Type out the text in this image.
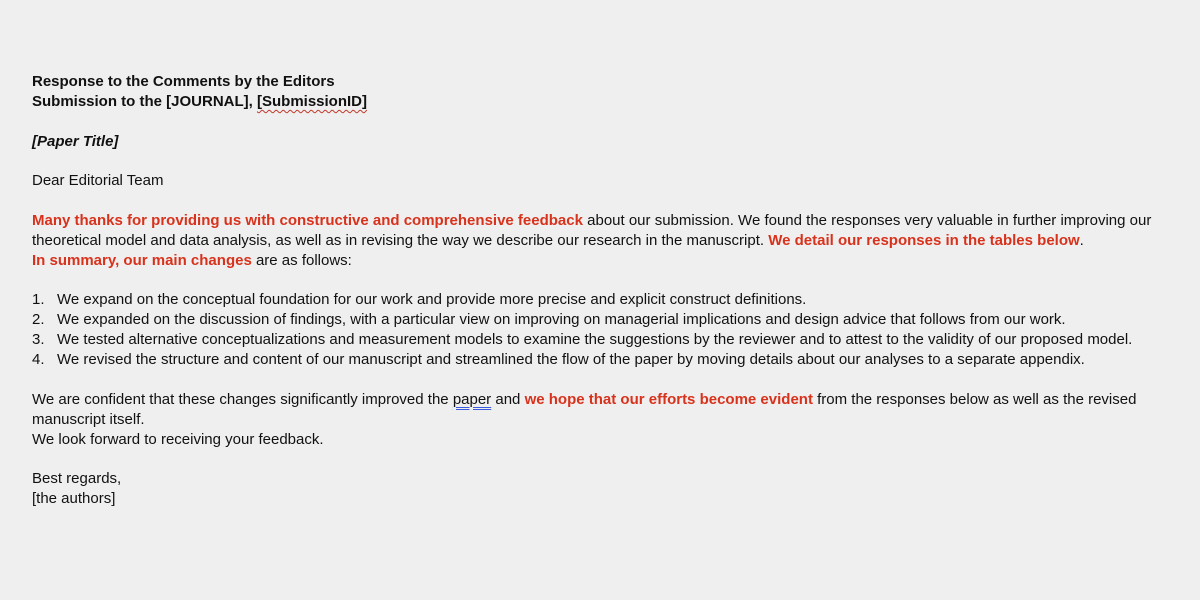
Response to the Comments by the Editors
Submission to the [JOURNAL], [SubmissionID]
[Paper Title]
Dear Editorial Team
Many thanks for providing us with constructive and comprehensive feedback about our submission. We found the responses very valuable in further improving our theoretical model and data analysis, as well as in revising the way we describe our research in the manuscript. We detail our responses in the tables below.
In summary, our main changes are as follows:
1. We expand on the conceptual foundation for our work and provide more precise and explicit construct definitions.
2. We expanded on the discussion of findings, with a particular view on improving on managerial implications and design advice that follows from our work.
3. We tested alternative conceptualizations and measurement models to examine the suggestions by the reviewer and to attest to the validity of our proposed model.
4. We revised the structure and content of our manuscript and streamlined the flow of the paper by moving details about our analyses to a separate appendix.
We are confident that these changes significantly improved the paper and we hope that our efforts become evident from the responses below as well as the revised manuscript itself.
We look forward to receiving your feedback.
Best regards,
[the authors]
